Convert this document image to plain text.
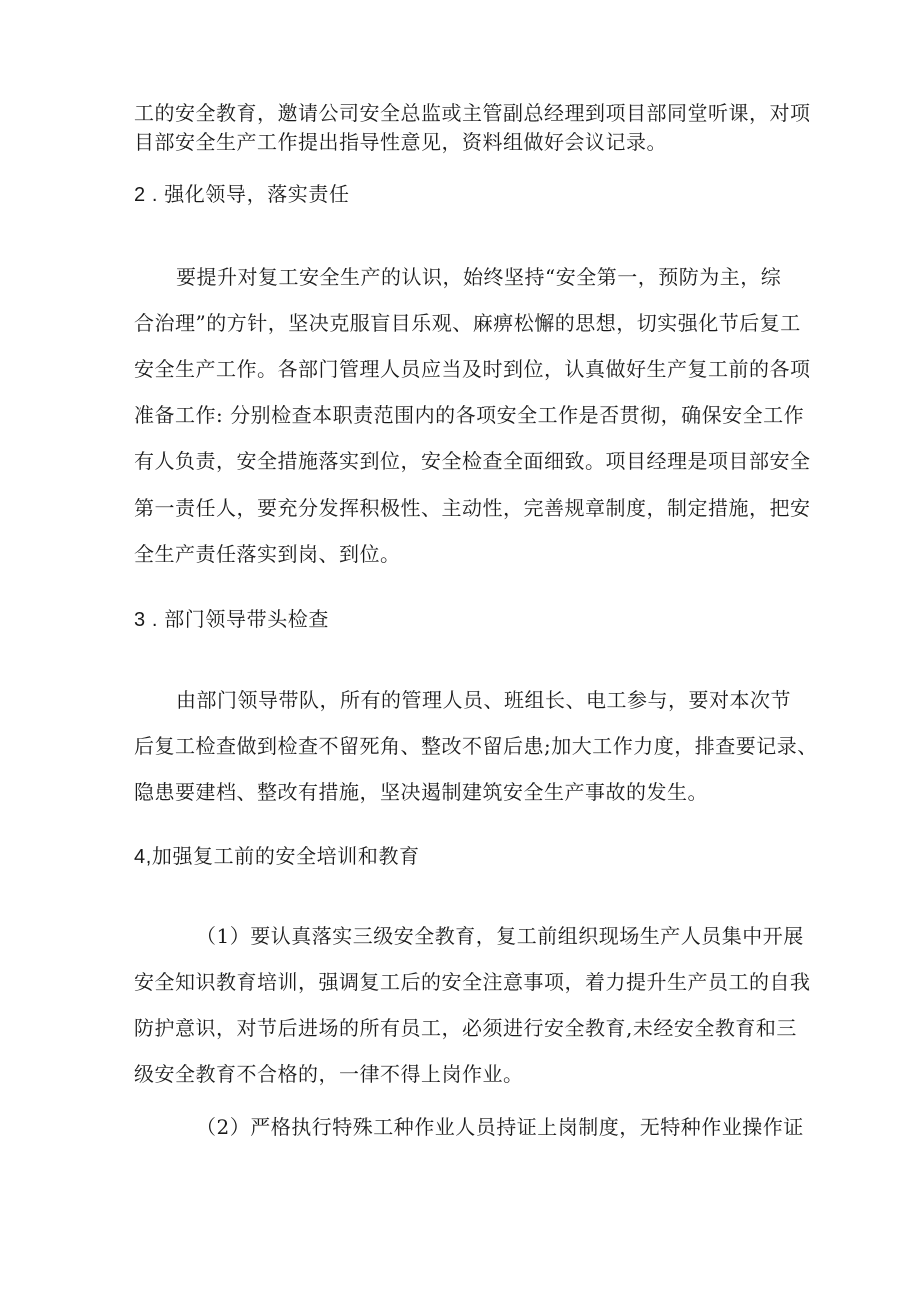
工的安全教育，邀请公司安全总监或主管副总经理到项目部同堂听课，对项
目部安全生产工作提出指导性意见，资料组做好会议记录。
2 . 强化领导，落实责任
要提升对复工安全生产的认识，始终坚持“安全第一，预防为主，综
合治理”的方针，坚决克服盲目乐观、麻痹松懈的思想，切实强化节后复工
安全生产工作。各部门管理人员应当及时到位，认真做好生产复工前的各项
准备工作: 分别检查本职责范围内的各项安全工作是否贯彻，确保安全工作
有人负责，安全措施落实到位，安全检查全面细致。项目经理是项目部安全
第一责任人，要充分发挥积极性、主动性，完善规章制度，制定措施，把安
全生产责任落实到岗、到位。
3 . 部门领导带头检查
由部门领导带队，所有的管理人员、班组长、电工参与，要对本次节
后复工检查做到检查不留死角、整改不留后患;加大工作力度，排查要记录、
隐患要建档、整改有措施，坚决遏制建筑安全生产事故的发生。
4,加强复工前的安全培训和教育
（1）要认真落实三级安全教育，复工前组织现场生产人员集中开展
安全知识教育培训，强调复工后的安全注意事项，着力提升生产员工的自我
防护意识，对节后进场的所有员工，必须进行安全教育,未经安全教育和三
级安全教育不合格的，一律不得上岗作业。
（2）严格执行特殊工种作业人员持证上岗制度，无特种作业操作证
